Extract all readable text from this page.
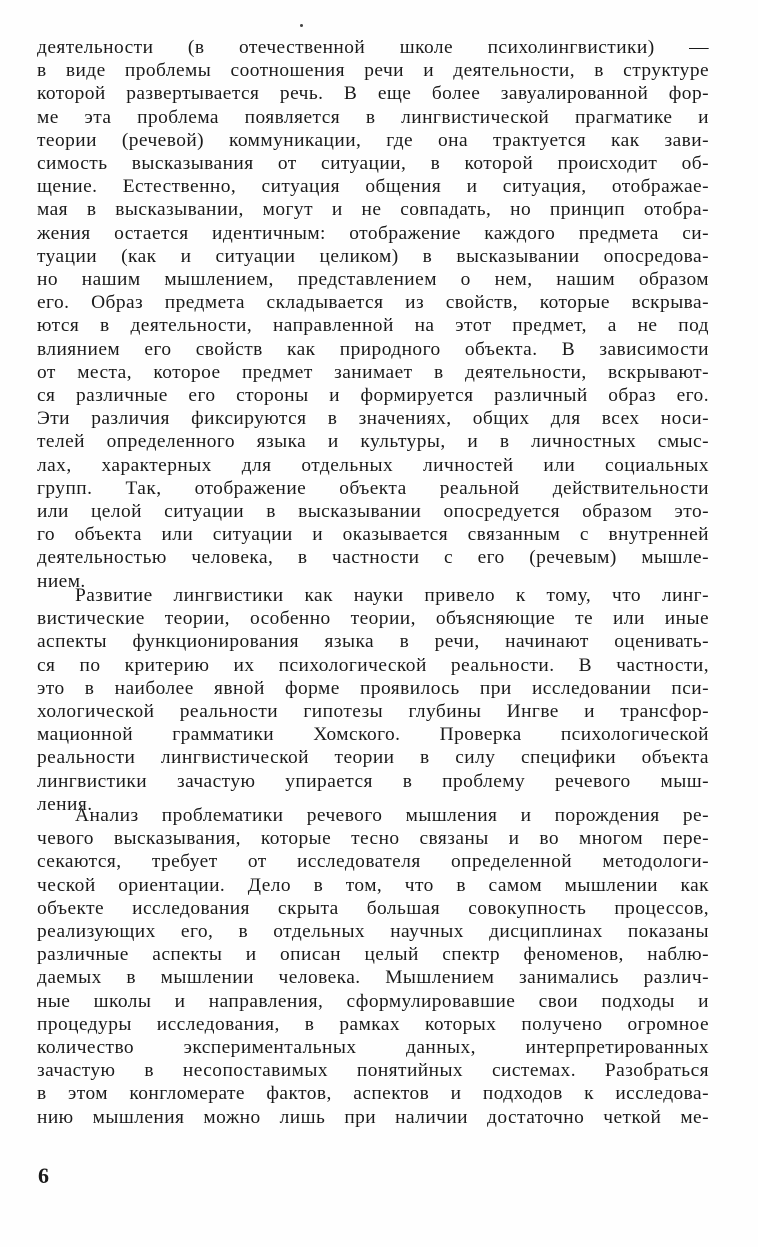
деятельности (в отечественной школе психолингвистики) —
в виде проблемы соотношения речи и деятельности, в структуре
которой развертывается речь. В еще более завуалированной фор-
ме эта проблема появляется в лингвистической прагматике и
теории (речевой) коммуникации, где она трактуется как зави-
симость высказывания от ситуации, в которой происходит об-
щение. Естественно, ситуация общения и ситуация, отображае-
мая в высказывании, могут и не совпадать, но принцип отобра-
жения остается идентичным: отображение каждого предмета си-
туации (как и ситуации целиком) в высказывании опосредова-
но нашим мышлением, представлением о нем, нашим образом
его. Образ предмета складывается из свойств, которые вскрыва-
ются в деятельности, направленной на этот предмет, а не под
влиянием его свойств как природного объекта. В зависимости
от места, которое предмет занимает в деятельности, вскрывают-
ся различные его стороны и формируется различный образ его.
Эти различия фиксируются в значениях, общих для всех носи-
телей определенного языка и культуры, и в личностных смыс-
лах, характерных для отдельных личностей или социальных
групп. Так, отображение объекта реальной действительности
или целой ситуации в высказывании опосредуется образом это-
го объекта или ситуации и оказывается связанным с внутренней
деятельностью человека, в частности с его (речевым) мышле-
нием.
Развитие лингвистики как науки привело к тому, что линг-
вистические теории, особенно теории, объясняющие те или иные
аспекты функционирования языка в речи, начинают оценивать-
ся по критерию их психологической реальности. В частности,
это в наиболее явной форме проявилось при исследовании пси-
хологической реальности гипотезы глубины Ингве и трансфор-
мационной грамматики Хомского. Проверка психологической
реальности лингвистической теории в силу специфики объекта
лингвистики зачастую упирается в проблему речевого мыш-
ления.
Анализ проблематики речевого мышления и порождения ре-
чевого высказывания, которые тесно связаны и во многом пере-
секаются, требует от исследователя определенной методологи-
ческой ориентации. Дело в том, что в самом мышлении как
объекте исследования скрыта большая совокупность процессов,
реализующих его, в отдельных научных дисциплинах показаны
различные аспекты и описан целый спектр феноменов, наблю-
даемых в мышлении человека. Мышлением занимались различ-
ные школы и направления, сформулировавшие свои подходы и
процедуры исследования, в рамках которых получено огромное
количество экспериментальных данных, интерпретированных
зачастую в несопоставимых понятийных системах. Разобраться
в этом конгломерате фактов, аспектов и подходов к исследова-
нию мышления можно лишь при наличии достаточно четкой ме-
6
